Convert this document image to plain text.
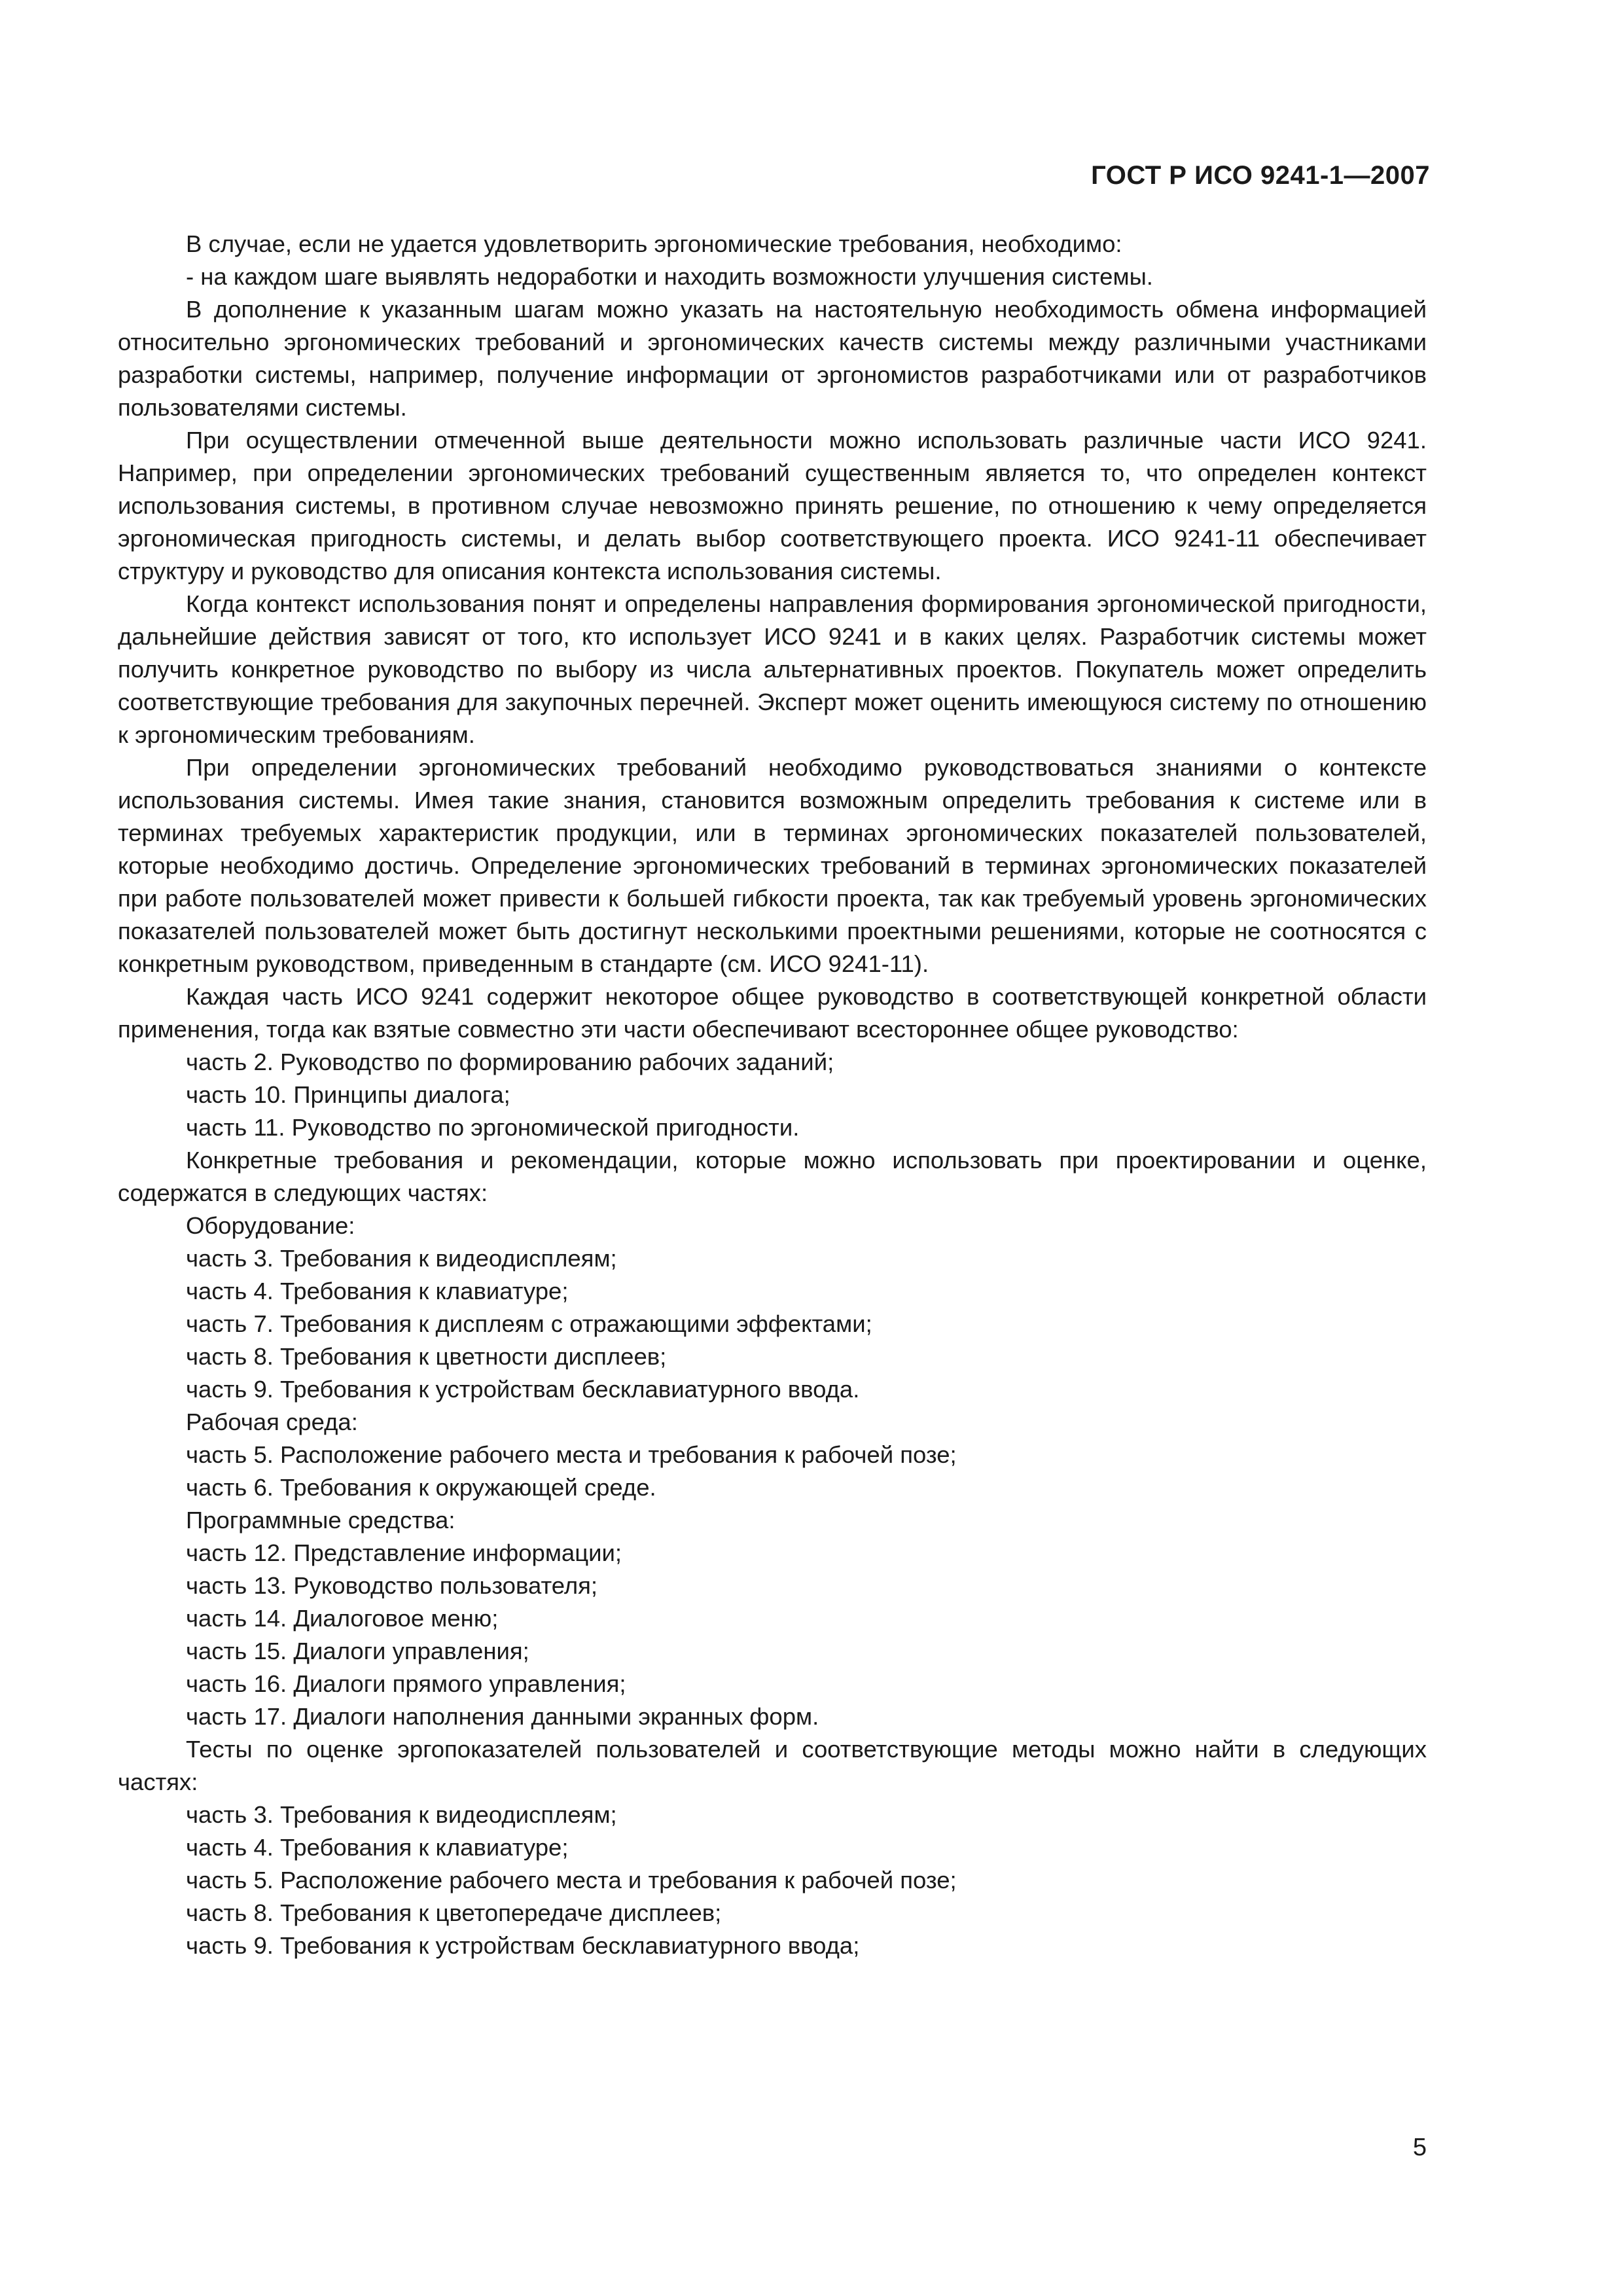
ГОСТ Р ИСО 9241-1—2007

В случае, если не удается удовлетворить эргономические требования, необходимо:

- на каждом шаге выявлять недоработки и находить возможности улучшения системы.

В дополнение к указанным шагам можно указать на настоятельную необходимость обмена информацией относительно эргономических требований и эргономических качеств системы между различными участниками разработки системы, например, получение информации от эргономистов разработчиками или от разработчиков пользователями системы.

При осуществлении отмеченной выше деятельности можно использовать различные части ИСО 9241. Например, при определении эргономических требований существенным является то, что определен контекст использования системы, в противном случае невозможно принять решение, по отношению к чему определяется эргономическая пригодность системы, и делать выбор соответствующего проекта. ИСО 9241-11 обеспечивает структуру и руководство для описания контекста использования системы.

Когда контекст использования понят и определены направления формирования эргономической пригодности, дальнейшие действия зависят от того, кто использует ИСО 9241 и в каких целях. Разработчик системы может получить конкретное руководство по выбору из числа альтернативных проектов. Покупатель может определить соответствующие требования для закупочных перечней. Эксперт может оценить имеющуюся систему по отношению к эргономическим требованиям.

При определении эргономических требований необходимо руководствоваться знаниями о контексте использования системы. Имея такие знания, становится возможным определить требования к системе или в терминах требуемых характеристик продукции, или в терминах эргономических показателей пользователей, которые необходимо достичь. Определение эргономических требований в терминах эргономических показателей при работе пользователей может привести к большей гибкости проекта, так как требуемый уровень эргономических показателей пользователей может быть достигнут несколькими проектными решениями, которые не соотносятся с конкретным руководством, приведенным в стандарте (см. ИСО 9241-11).

Каждая часть ИСО 9241 содержит некоторое общее руководство в соответствующей конкретной области применения, тогда как взятые совместно эти части обеспечивают всестороннее общее руководство:

часть 2. Руководство по формированию рабочих заданий;
часть 10. Принципы диалога;
часть 11. Руководство по эргономической пригодности.

Конкретные требования и рекомендации, которые можно использовать при проектировании и оценке, содержатся в следующих частях:

Оборудование:
часть 3. Требования к видеодисплеям;
часть 4. Требования к клавиатуре;
часть 7. Требования к дисплеям с отражающими эффектами;
часть 8. Требования к цветности дисплеев;
часть 9. Требования к устройствам бесклавиатурного ввода.
Рабочая среда:
часть 5. Расположение рабочего места и требования к рабочей позе;
часть 6. Требования к окружающей среде.
Программные средства:
часть 12. Представление информации;
часть 13. Руководство пользователя;
часть 14. Диалоговое меню;
часть 15. Диалоги управления;
часть 16. Диалоги прямого управления;
часть 17. Диалоги наполнения данными экранных форм.

Тесты по оценке эргопоказателей пользователей и соответствующие методы можно найти в следующих частях:

часть 3. Требования к видеодисплеям;
часть 4. Требования к клавиатуре;
часть 5. Расположение рабочего места и требования к рабочей позе;
часть 8. Требования к цветопередаче дисплеев;
часть 9. Требования к устройствам бесклавиатурного ввода;
5
